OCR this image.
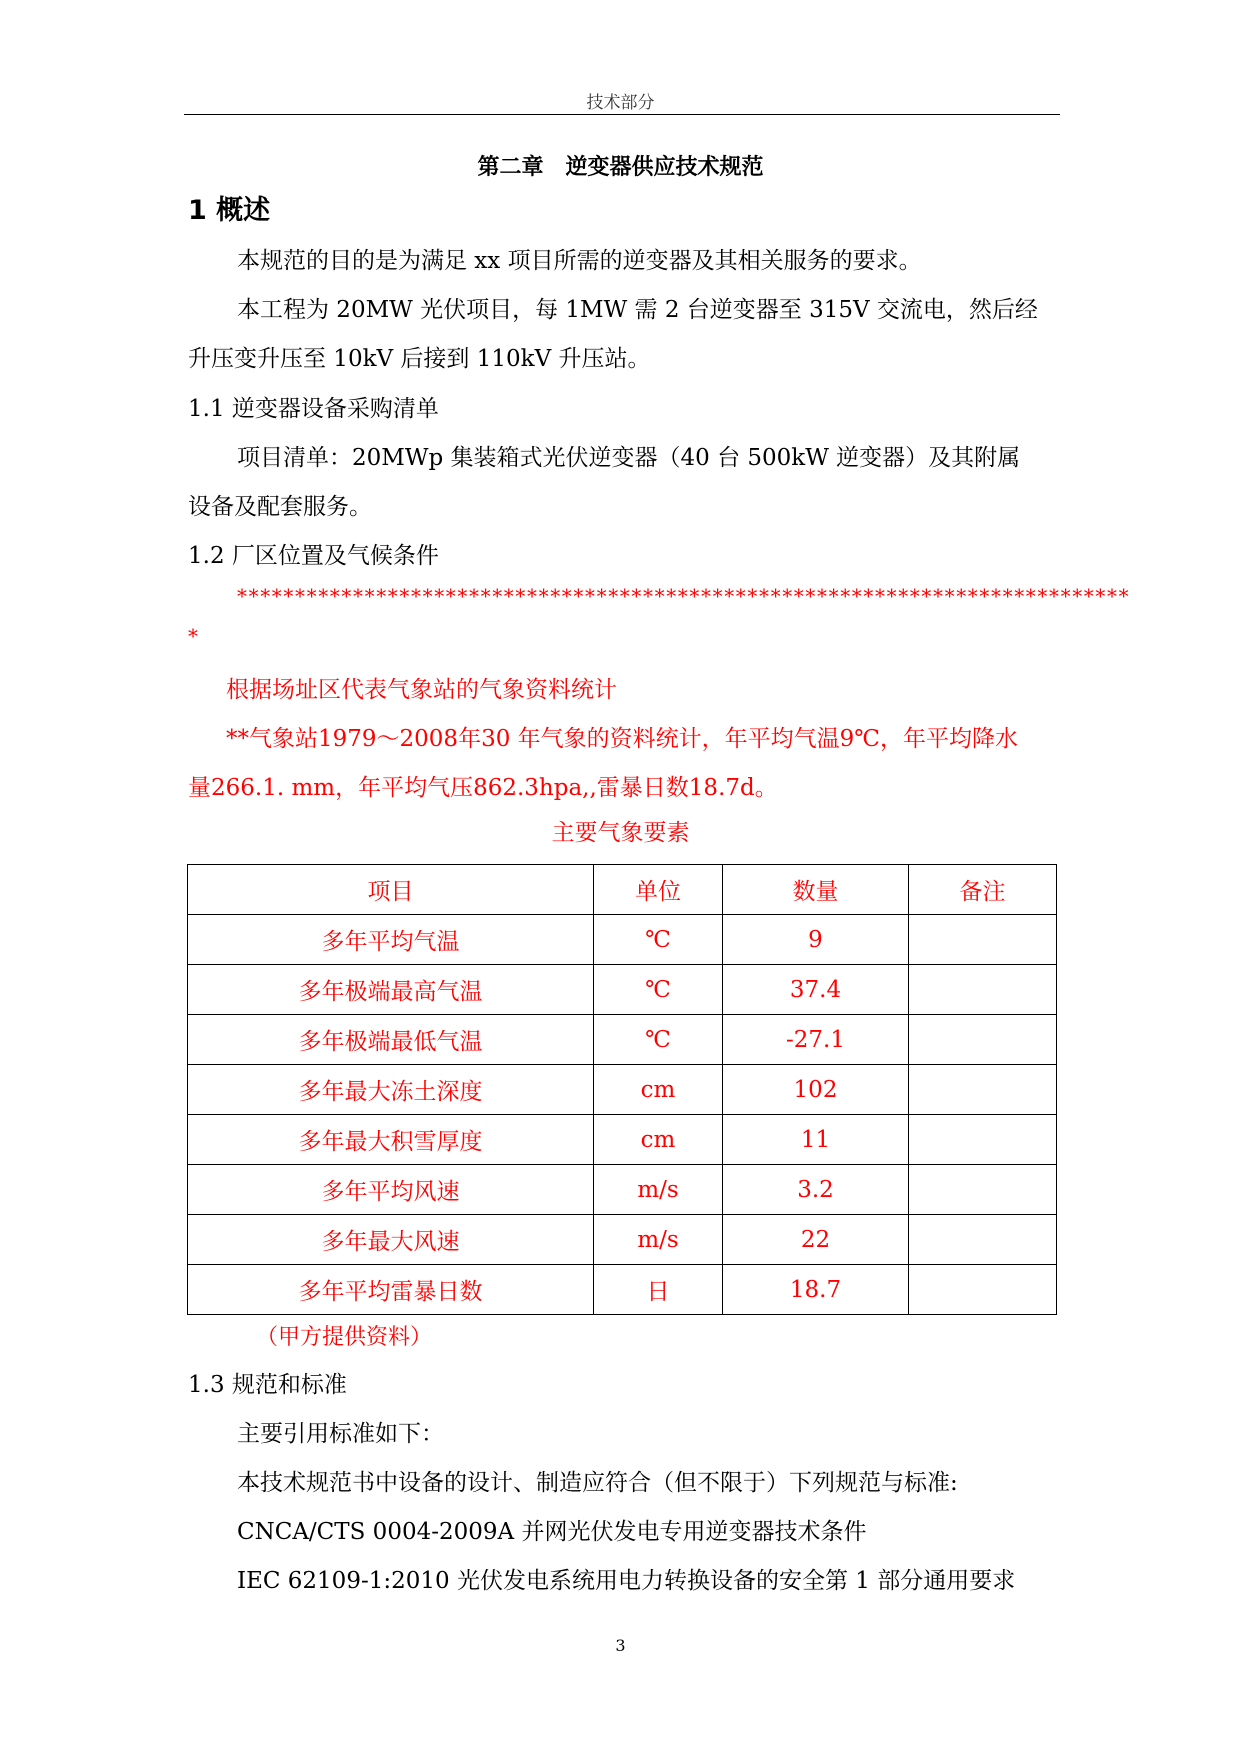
技术部分
第二章　逆变器供应技术规范
1 概述
本规范的目的是为满足 xx 项目所需的逆变器及其相关服务的要求。
本工程为 20MW 光伏项目，每 1MW 需 2 台逆变器至 315V 交流电，然后经
升压变升压至 10kV 后接到 110kV 升压站。
1.1 逆变器设备采购清单
项目清单：20MWp 集装箱式光伏逆变器（40 台 500kW 逆变器）及其附属
设备及配套服务。
1.2 厂区位置及气候条件
*****************************************************************************
*
根据场址区代表气象站的气象资料统计
**气象站1979～2008年30 年气象的资料统计，年平均气温9℃，年平均降水
量266.1. mm，年平均气压862.3hpa,,雷暴日数18.7d。
主要气象要素
项目	单位	数量	备注
多年平均气温	℃	9	
多年极端最高气温	℃	37.4	
多年极端最低气温	℃	-27.1	
多年最大冻土深度	cm	102	
多年最大积雪厚度	cm	11	
多年平均风速	m/s	3.2	
多年最大风速	m/s	22	
多年平均雷暴日数	日	18.7	
（甲方提供资料）
1.3 规范和标准
主要引用标准如下：
本技术规范书中设备的设计、制造应符合（但不限于）下列规范与标准:
CNCA/CTS 0004-2009A 并网光伏发电专用逆变器技术条件
IEC 62109-1:2010 光伏发电系统用电力转换设备的安全第 1 部分通用要求
3
